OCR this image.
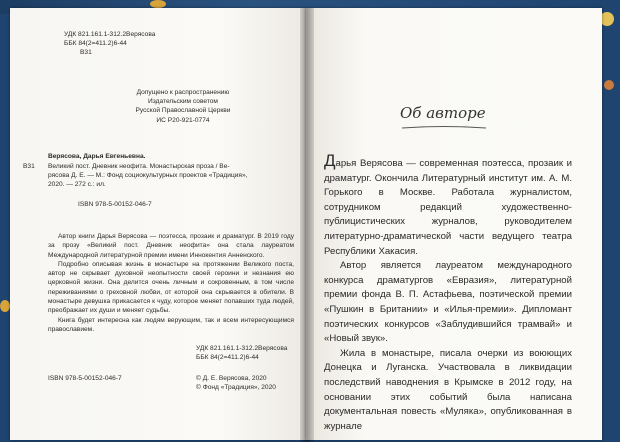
УДК 821.161.1-312.2Верясова
ББК 84(2=411.2)6-44
В31
Допущено к распространению
Издательским советом
Русской Православной Церкви
ИС Р20-921-0774
Верясова, Дарья Евгеньевна.
В31 Великий пост. Дневник неофита. Монастырская проза / Ве-
рясова Д. Е. — М.: Фонд социокультурных проектов «Традиция»,
2020. — 272 с.: ил.
ISBN 978-5-00152-046-7

Автор книги Дарья Верясова — поэтесса, прозаик и драматург. В 2019 году за прозу «Великий пост. Дневник неофита» она стала лауреатом Международной литературной премии имени Иннокентия Анненского.

Подробно описывая жизнь в монастыре на протяжении Великого поста, автор не скрывает духовной неопытности своей героини и незнания ею церковной жизни. Она делится очень личным и сокровенным, в том числе переживаниями о греховной любви, от которой она скрывается в обители. В монастыре девушка прикасается к чуду, которое меняет попавших туда людей, преображает их души и меняет судьбы.

Книга будет интересна как людям верующим, так и всем интересующимся православием.

УДК 821.161.1-312.2Верясова
ББК 84(2=411.2)6-44
ISBN 978-5-00152-046-7	© Д. Е. Верясова, 2020
© Фонд «Традиция», 2020
Об авторе

Дарья Верясова — современная поэтесса, прозаик и драматург. Окончила Литературный институт им. А. М. Горького в Москве. Работала журналистом, сотрудником редакций художественно-публицистических журналов, руководителем литературно-драматической части ведущего театра Республики Хакасия.

Автор является лауреатом международного конкурса драматургов «Евразия», литературной премии фонда В. П. Астафьева, поэтической премии «Пушкин в Британии» и «Илья-премии». Дипломант поэтических конкурсов «Заблудившийся трамвай» и «Новый звук».

Жила в монастыре, писала очерки из воюющих Донецка и Луганска. Участвовала в ликвидации последствий наводнения в Крымске в 2012 году, на основании этих событий была написана документальная повесть «Муляка», опубликованная в журнале
